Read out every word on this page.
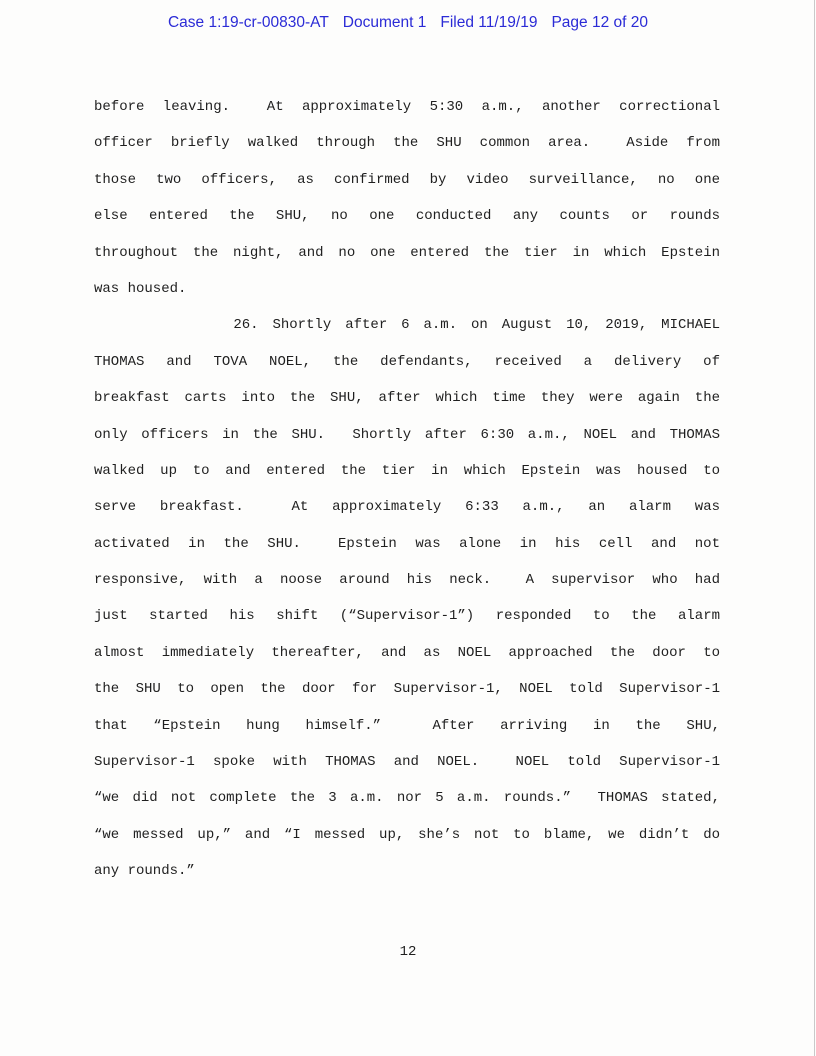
Case 1:19-cr-00830-AT Document 1 Filed 11/19/19 Page 12 of 20
before leaving.  At approximately 5:30 a.m., another correctional
officer briefly walked through the SHU common area.  Aside from
those two officers, as confirmed by video surveillance, no one
else entered the SHU, no one conducted any counts or rounds
throughout the night, and no one entered the tier in which Epstein
was housed.
26. Shortly after 6 a.m. on August 10, 2019, MICHAEL
THOMAS and TOVA NOEL, the defendants, received a delivery of
breakfast carts into the SHU, after which time they were again the
only officers in the SHU.  Shortly after 6:30 a.m., NOEL and THOMAS
walked up to and entered the tier in which Epstein was housed to
serve breakfast.  At approximately 6:33 a.m., an alarm was
activated in the SHU.  Epstein was alone in his cell and not
responsive, with a noose around his neck.  A supervisor who had
just started his shift (“Supervisor-1”) responded to the alarm
almost immediately thereafter, and as NOEL approached the door to
the SHU to open the door for Supervisor-1, NOEL told Supervisor-1
that “Epstein hung himself.”  After arriving in the SHU,
Supervisor-1 spoke with THOMAS and NOEL.  NOEL told Supervisor-1
“we did not complete the 3 a.m. nor 5 a.m. rounds.”  THOMAS stated,
“we messed up,” and “I messed up, she’s not to blame, we didn’t do
any rounds.”
12
